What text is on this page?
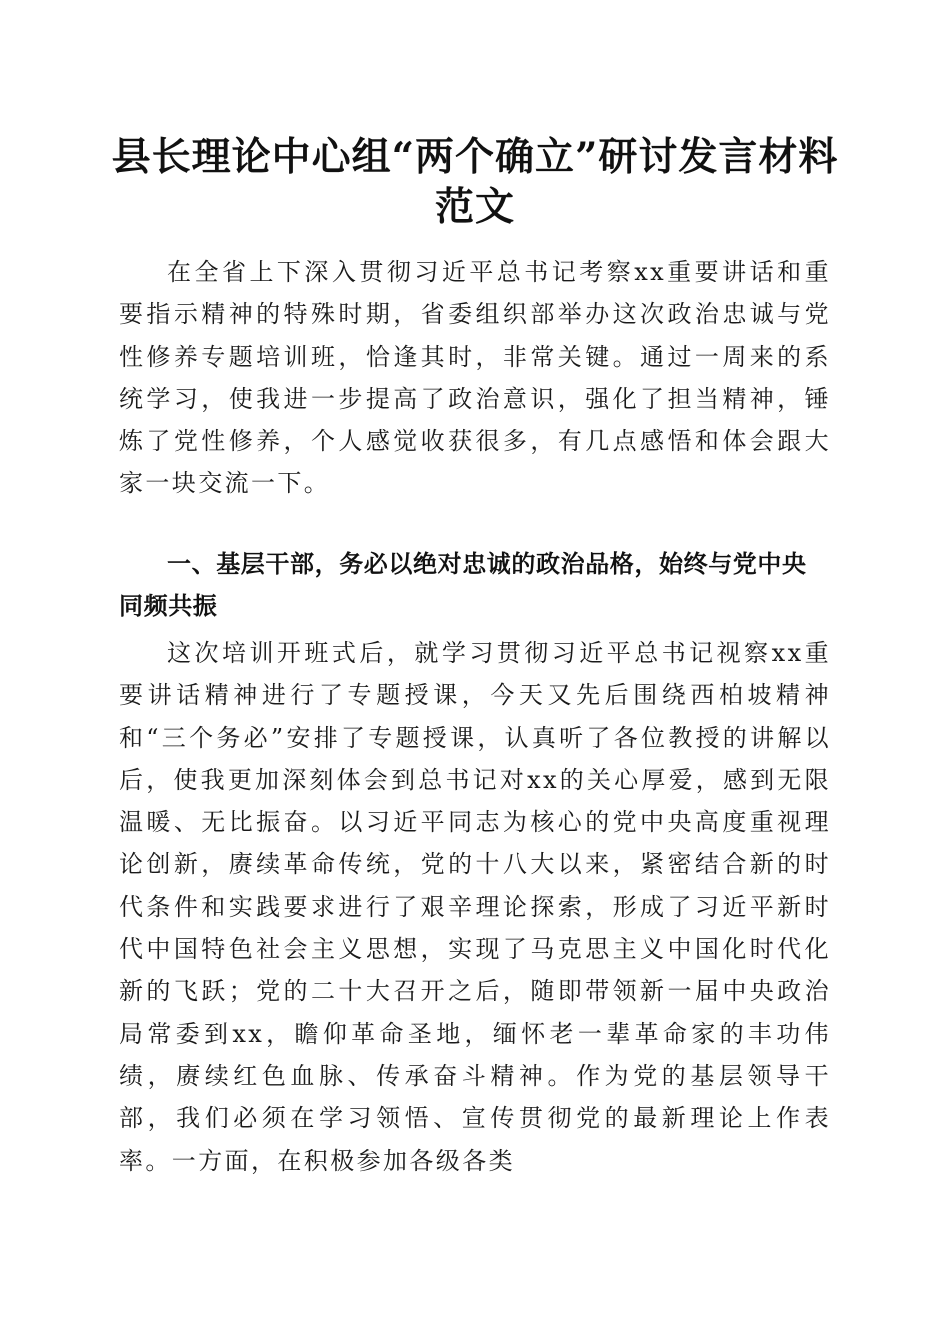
县长理论中心组“两个确立”研讨发言材料范文

在全省上下深入贯彻习近平总书记考察xx重要讲话和重要指示精神的特殊时期，省委组织部举办这次政治忠诚与党性修养专题培训班，恰逢其时，非常关键。通过一周来的系统学习，使我进一步提高了政治意识，强化了担当精神，锤炼了党性修养，个人感觉收获很多，有几点感悟和体会跟大家一块交流一下。

一、基层干部，务必以绝对忠诚的政治品格，始终与党中央同频共振

这次培训开班式后，就学习贯彻习近平总书记视察xx重要讲话精神进行了专题授课，今天又先后围绕西柏坡精神和“三个务必”安排了专题授课，认真听了各位教授的讲解以后，使我更加深刻体会到总书记对xx的关心厚爱，感到无限温暖、无比振奋。以习近平同志为核心的党中央高度重视理论创新，赓续革命传统，党的十八大以来，紧密结合新的时代条件和实践要求进行了艰辛理论探索，形成了习近平新时代中国特色社会主义思想，实现了马克思主义中国化时代化新的飞跃；党的二十大召开之后，随即带领新一届中央政治局常委到xx，瞻仰革命圣地，缅怀老一辈革命家的丰功伟绩，赓续红色血脉、传承奋斗精神。作为党的基层领导干部，我们必须在学习领悟、宣传贯彻党的最新理论上作表率。一方面，在积极参加各级各类
